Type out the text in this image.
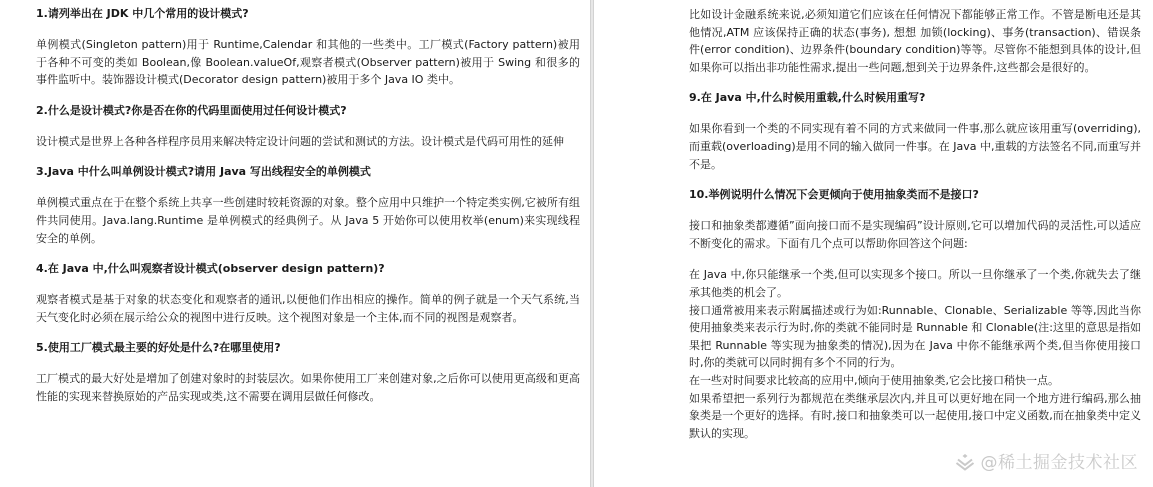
1.请列举出在 JDK 中几个常用的设计模式?
单例模式(Singleton pattern)用于 Runtime,Calendar 和其他的一些类中。工厂模式(Factory pattern)被用于各种不可变的类如 Boolean,像 Boolean.valueOf,观察者模式(Observer pattern)被用于 Swing 和很多的事件监听中。装饰器设计模式(Decorator design pattern)被用于多个 Java IO 类中。
2.什么是设计模式?你是否在你的代码里面使用过任何设计模式?
设计模式是世界上各种各样程序员用来解决特定设计问题的尝试和测试的方法。设计模式是代码可用性的延伸
3.Java 中什么叫单例设计模式?请用 Java 写出线程安全的单例模式
单例模式重点在于在整个系统上共享一些创建时较耗资源的对象。整个应用中只维护一个特定类实例,它被所有组件共同使用。Java.lang.Runtime 是单例模式的经典例子。从 Java 5 开始你可以使用枚举(enum)来实现线程安全的单例。
4.在 Java 中,什么叫观察者设计模式(observer design pattern)?
观察者模式是基于对象的状态变化和观察者的通讯,以便他们作出相应的操作。简单的例子就是一个天气系统,当天气变化时必须在展示给公众的视图中进行反映。这个视图对象是一个主体,而不同的视图是观察者。
5.使用工厂模式最主要的好处是什么?在哪里使用?
工厂模式的最大好处是增加了创建对象时的封装层次。如果你使用工厂来创建对象,之后你可以使用更高级和更高性能的实现来替换原始的产品实现或类,这不需要在调用层做任何修改。
比如设计金融系统来说,必须知道它们应该在任何情况下都能够正常工作。不管是断电还是其他情况,ATM 应该保持正确的状态(事务), 想想 加锁(locking)、事务(transaction)、错误条件(error condition)、边界条件(boundary condition)等等。尽管你不能想到具体的设计,但如果你可以指出非功能性需求,提出一些问题,想到关于边界条件,这些都会是很好的。
9.在 Java 中,什么时候用重载,什么时候用重写?
如果你看到一个类的不同实现有着不同的方式来做同一件事,那么就应该用重写(overriding),而重载(overloading)是用不同的输入做同一件事。在 Java 中,重载的方法签名不同,而重写并不是。
10.举例说明什么情况下会更倾向于使用抽象类而不是接口?
接口和抽象类都遵循”面向接口而不是实现编码”设计原则,它可以增加代码的灵活性,可以适应不断变化的需求。下面有几个点可以帮助你回答这个问题:
在 Java 中,你只能继承一个类,但可以实现多个接口。所以一旦你继承了一个类,你就失去了继承其他类的机会了。
接口通常被用来表示附属描述或行为如:Runnable、Clonable、Serializable 等等,因此当你使用抽象类来表示行为时,你的类就不能同时是 Runnable 和 Clonable(注:这里的意思是指如果把 Runnable 等实现为抽象类的情况),因为在 Java 中你不能继承两个类,但当你使用接口时,你的类就可以同时拥有多个不同的行为。
在一些对时间要求比较高的应用中,倾向于使用抽象类,它会比接口稍快一点。
如果希望把一系列行为都规范在类继承层次内,并且可以更好地在同一个地方进行编码,那么抽象类是一个更好的选择。有时,接口和抽象类可以一起使用,接口中定义函数,而在抽象类中定义默认的实现。
@稀土掘金技术社区
